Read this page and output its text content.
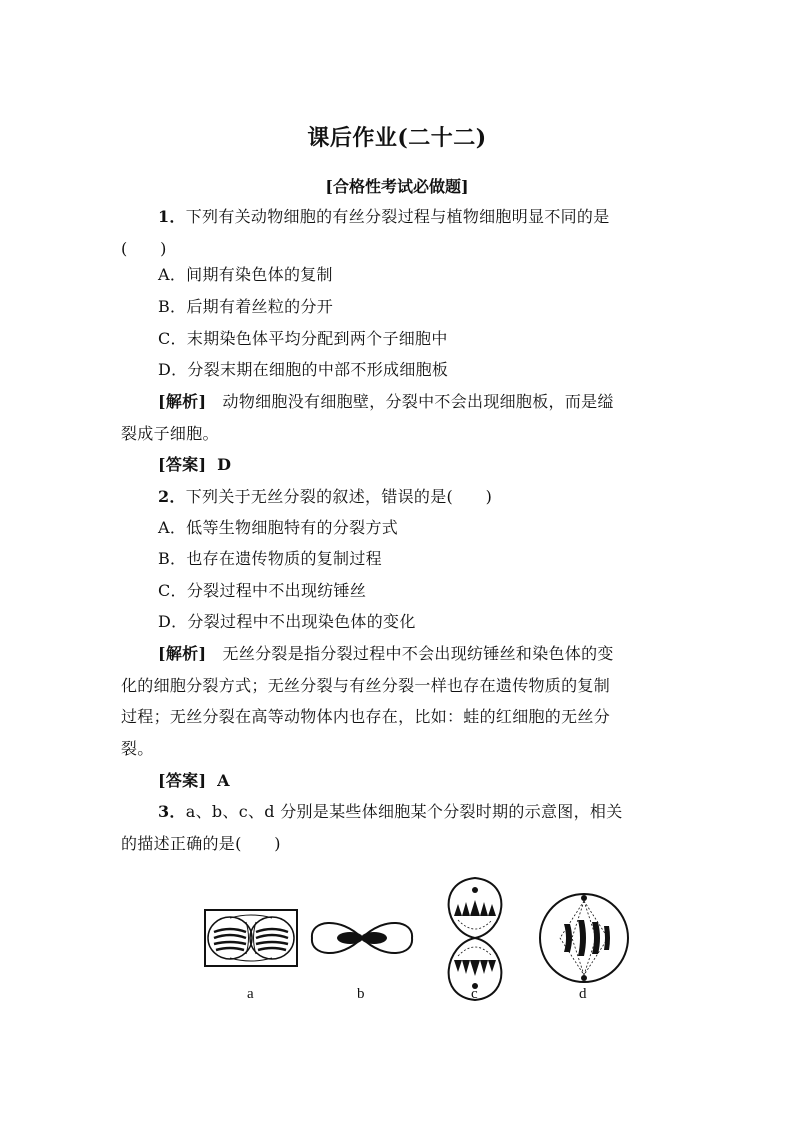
课后作业(二十二)
[合格性考试必做题]
1．下列有关动物细胞的有丝分裂过程与植物细胞明显不同的是
(　　)
A．间期有染色体的复制
B．后期有着丝粒的分开
C．末期染色体平均分配到两个子细胞中
D．分裂末期在细胞的中部不形成细胞板
[解析] 动物细胞没有细胞壁，分裂中不会出现细胞板，而是缢
裂成子细胞。
[答案] D
2．下列关于无丝分裂的叙述，错误的是(　　)
A．低等生物细胞特有的分裂方式
B．也存在遗传物质的复制过程
C．分裂过程中不出现纺锤丝
D．分裂过程中不出现染色体的变化
[解析] 无丝分裂是指分裂过程中不会出现纺锤丝和染色体的变
化的细胞分裂方式；无丝分裂与有丝分裂一样也存在遗传物质的复制
过程；无丝分裂在高等动物体内也存在，比如：蛙的红细胞的无丝分
裂。
[答案] A
3．a、b、c、d 分别是某些体细胞某个分裂时期的示意图，相关
的描述正确的是(　　)
a	b	c	d
